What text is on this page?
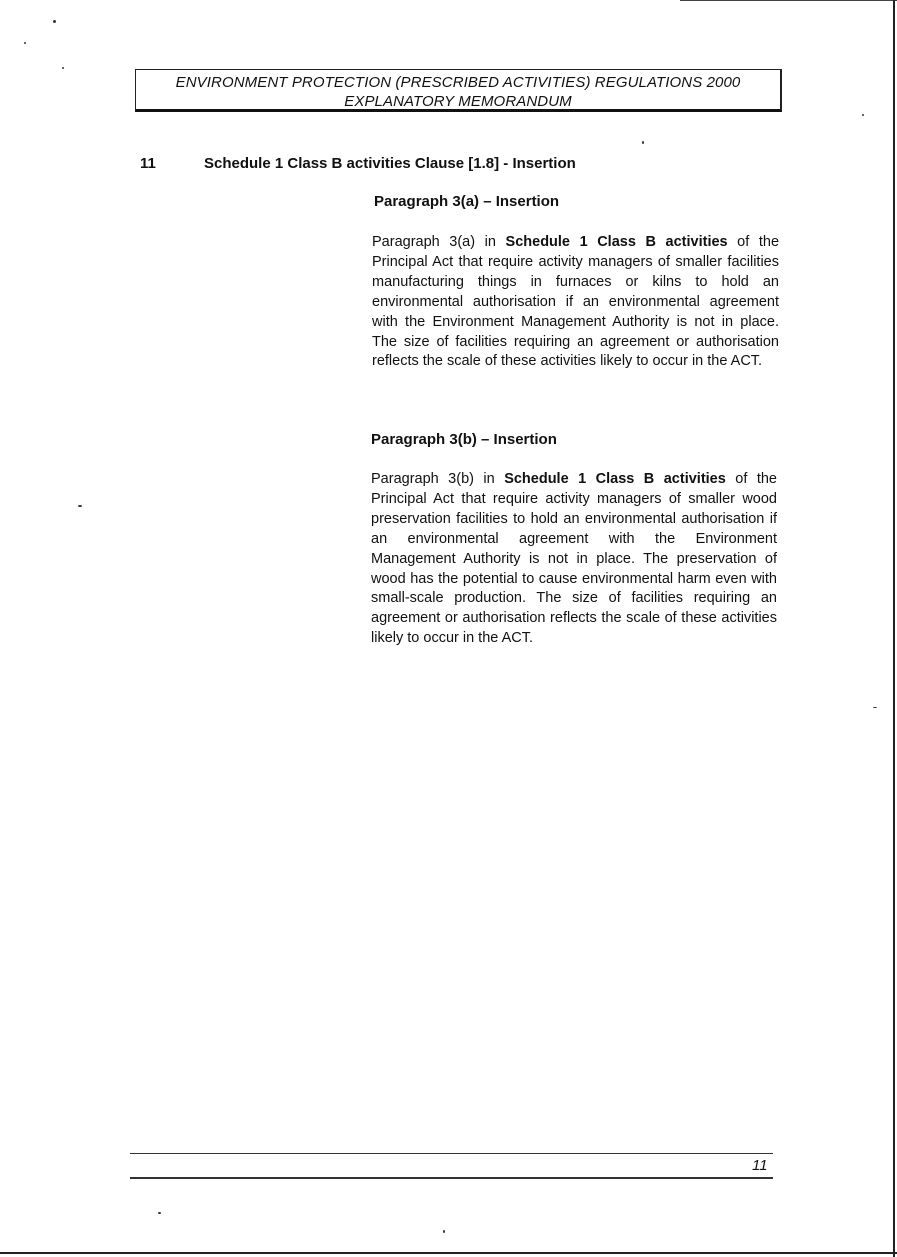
ENVIRONMENT PROTECTION (PRESCRIBED ACTIVITIES) REGULATIONS 2000
EXPLANATORY MEMORANDUM
11	Schedule 1 Class B activities Clause [1.8] - Insertion
Paragraph 3(a) – Insertion

Paragraph 3(a) in Schedule 1 Class B activities of the Principal Act that require activity managers of smaller facilities manufacturing things in furnaces or kilns to hold an environmental authorisation if an environmental agreement with the Environment Management Authority is not in place. The size of facilities requiring an agreement or authorisation reflects the scale of these activities likely to occur in the ACT.

Paragraph 3(b) – Insertion

Paragraph 3(b) in Schedule 1 Class B activities of the Principal Act that require activity managers of smaller wood preservation facilities to hold an environmental authorisation if an environmental agreement with the Environment Management Authority is not in place. The preservation of wood has the potential to cause environmental harm even with small-scale production. The size of facilities requiring an agreement or authorisation reflects the scale of these activities likely to occur in the ACT.

11
